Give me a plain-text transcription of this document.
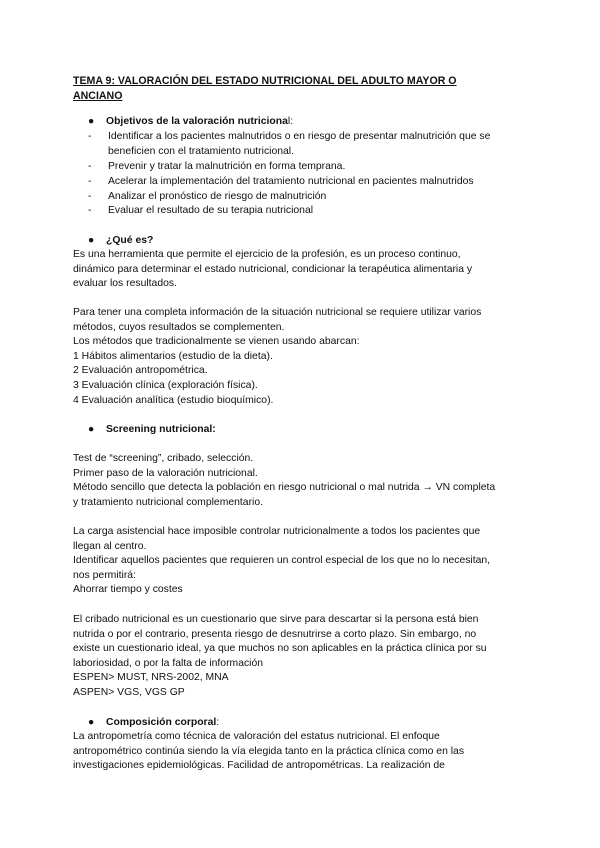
TEMA 9: VALORACIÓN DEL ESTADO NUTRICIONAL DEL ADULTO MAYOR O
ANCIANO
● Objetivos de la valoración nutricional:
-	Identificar a los pacientes malnutridos o en riesgo de presentar malnutrición que se
beneficien con el tratamiento nutricional.
-	Prevenir y tratar la malnutrición en forma temprana.
-	Acelerar la implementación del tratamiento nutricional en pacientes malnutridos
-	Analizar el pronóstico de riesgo de malnutrición
-	Evaluar el resultado de su terapia nutricional
● ¿Qué es?
Es una herramienta que permite el ejercicio de la profesión, es un proceso continuo,
dinámico para determinar el estado nutricional, condicionar la terapéutica alimentaria y
evaluar los resultados.
Para tener una completa información de la situación nutricional se requiere utilizar varios
métodos, cuyos resultados se complementen.
Los métodos que tradicionalmente se vienen usando abarcan:
1 Hábitos alimentarios (estudio de la dieta).
2 Evaluación antropométrica.
3 Evaluación clínica (exploración física).
4 Evaluación analítica (estudio bioquímico).
● Screening nutricional:
Test de “screening”, cribado, selección.
Primer paso de la valoración nutricional.
Método sencillo que detecta la población en riesgo nutricional o mal nutrida → VN completa
y tratamiento nutricional complementario.
La carga asistencial hace imposible controlar nutricionalmente a todos los pacientes que
llegan al centro.
Identificar aquellos pacientes que requieren un control especial de los que no lo necesitan,
nos permitirá:
Ahorrar tiempo y costes
El cribado nutricional es un cuestionario que sirve para descartar si la persona está bien
nutrida o por el contrario, presenta riesgo de desnutrirse a corto plazo. Sin embargo, no
existe un cuestionario ideal, ya que muchos no son aplicables en la práctica clínica por su
laboriosidad, o por la falta de información
ESPEN> MUST, NRS-2002, MNA
ASPEN> VGS, VGS GP
● Composición corporal:
La antropometría como técnica de valoración del estatus nutricional. El enfoque
antropométrico continúa siendo la vía elegida tanto en la práctica clínica como en las
investigaciones epidemiológicas. Facilidad de antropométricas. La realización de
